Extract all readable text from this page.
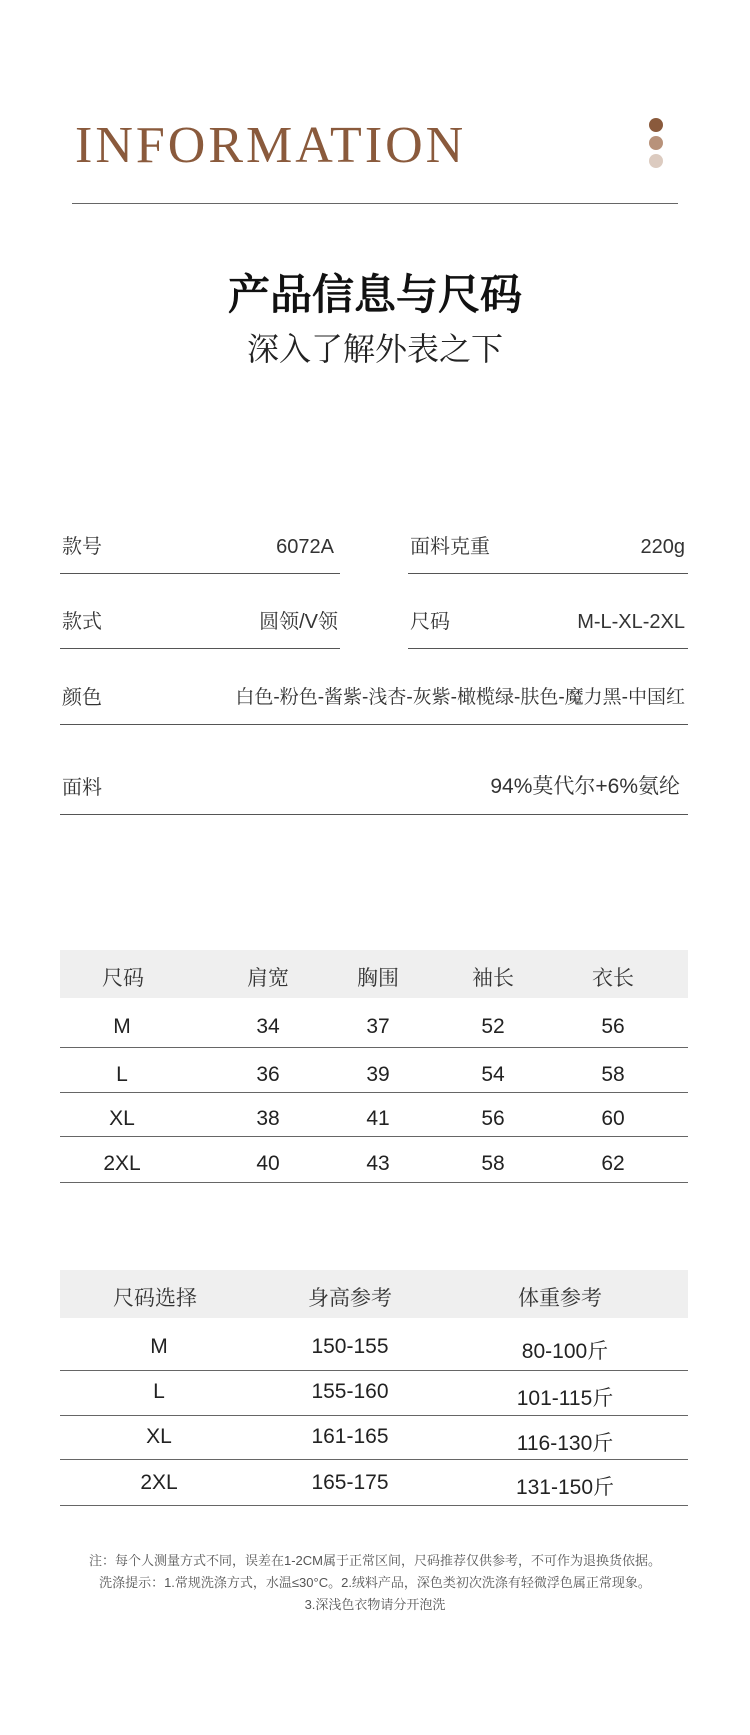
INFORMATION
产品信息与尺码
深入了解外表之下
款号	6072A	面料克重	220g
款式	圆领/V领	尺码	M-L-XL-2XL
颜色	白色-粉色-酱紫-浅杏-灰紫-橄榄绿-肤色-魔力黑-中国红
面料	94%莫代尔+6%氨纶
尺码	肩宽	胸围	袖长	衣长
M	34	37	52	56
L	36	39	54	58
XL	38	41	56	60
2XL	40	43	58	62
尺码选择	身高参考	体重参考
M	150-155	80-100斤
L	155-160	101-115斤
XL	161-165	116-130斤
2XL	165-175	131-150斤
注：每个人测量方式不同，误差在1-2CM属于正常区间，尺码推荐仅供参考，不可作为退换货依据。
洗涤提示：1.常规洗涤方式，水温≤30°C。2.绒料产品，深色类初次洗涤有轻微浮色属正常现象。
3.深浅色衣物请分开泡洗
